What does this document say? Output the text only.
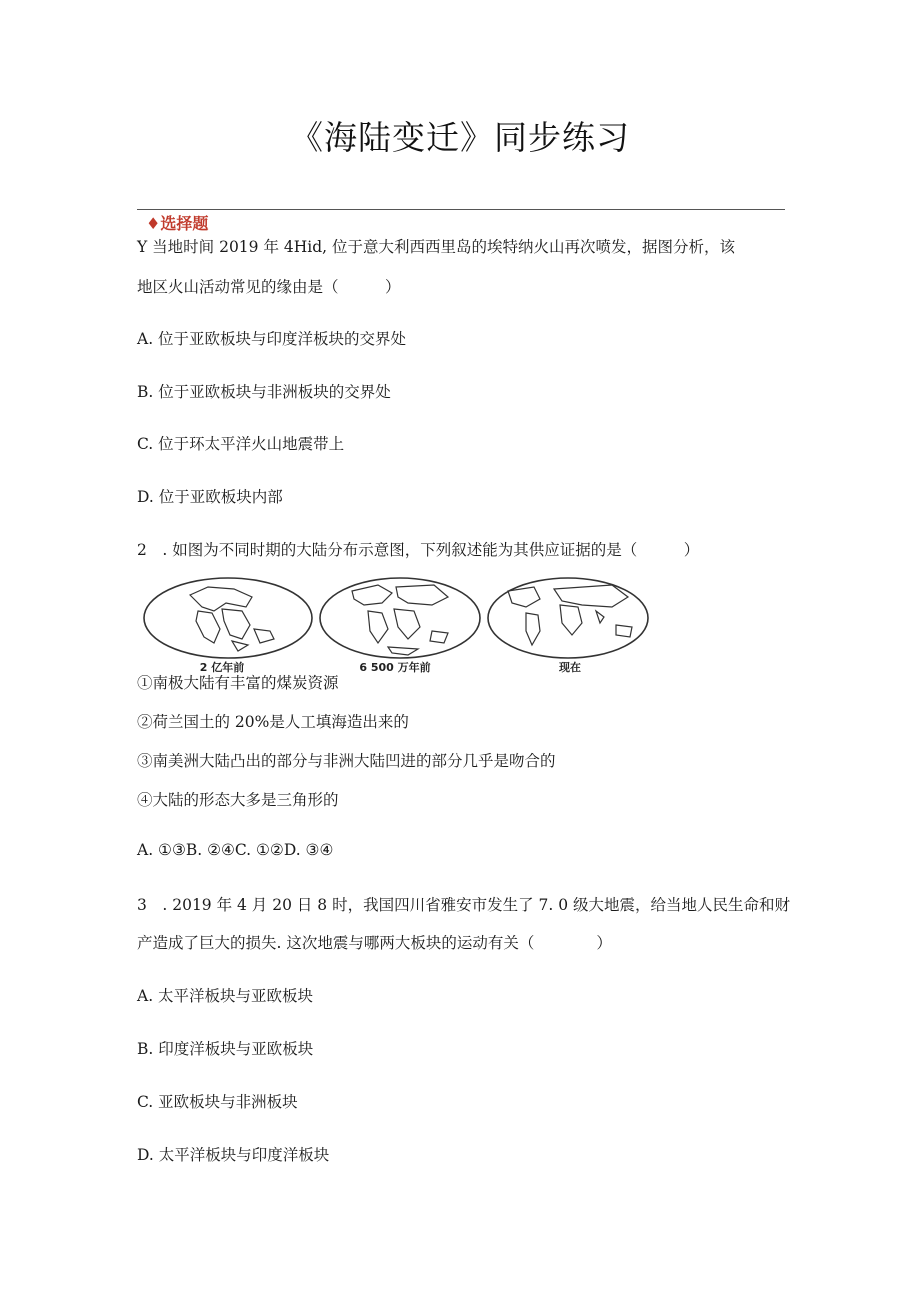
《海陆变迁》同步练习
♦选择题
Y 当地时间 2019 年 4Hid, 位于意大利西西里岛的埃特纳火山再次喷发，据图分析，该
地区火山活动常见的缘由是（　　　）
A. 位于亚欧板块与印度洋板块的交界处
B. 位于亚欧板块与非洲板块的交界处
C. 位于环太平洋火山地震带上
D. 位于亚欧板块内部
2　. 如图为不同时期的大陆分布示意图，下列叙述能为其供应证据的是（　　　）
2 亿年前	6 500 万年前	现在
①南极大陆有丰富的煤炭资源
②荷兰国土的 20%是人工填海造出来的
③南美洲大陆凸出的部分与非洲大陆凹进的部分几乎是吻合的
④大陆的形态大多是三角形的
A. ①③B. ②④C. ①②D. ③④
3　. 2019 年 4 月 20 日 8 时，我国四川省雅安市发生了 7. 0 级大地震，给当地人民生命和财
产造成了巨大的损失. 这次地震与哪两大板块的运动有关（　　　　）
A. 太平洋板块与亚欧板块
B. 印度洋板块与亚欧板块
C. 亚欧板块与非洲板块
D. 太平洋板块与印度洋板块
